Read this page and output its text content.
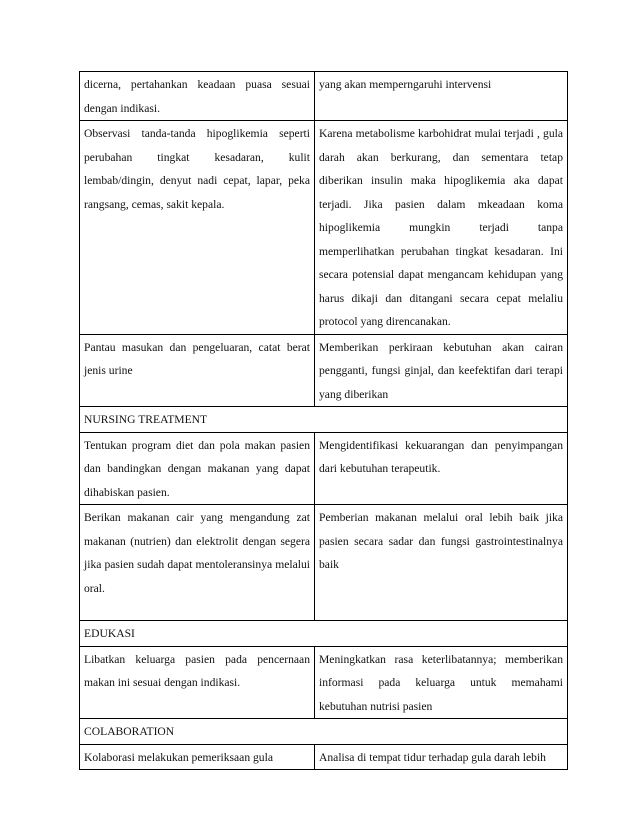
dicerna, pertahankan keadaan puasa sesuai dengan indikasi.	yang akan memperngaruhi intervensi
Observasi tanda-tanda hipoglikemia seperti perubahan tingkat kesadaran, kulit lembab/dingin, denyut nadi cepat, lapar, peka rangsang, cemas, sakit kepala.	Karena metabolisme karbohidrat mulai terjadi , gula darah akan berkurang, dan sementara tetap diberikan insulin maka hipoglikemia aka dapat terjadi. Jika pasien dalam mkeadaan koma hipoglikemia mungkin terjadi tanpa memperlihatkan perubahan tingkat kesadaran. Ini secara potensial dapat mengancam kehidupan yang harus dikaji dan ditangani secara cepat melaliu protocol yang direncanakan.
Pantau masukan dan pengeluaran, catat berat jenis urine	Memberikan perkiraan kebutuhan akan cairan pengganti, fungsi ginjal, dan keefektifan dari terapi yang diberikan
NURSING TREATMENT	
Tentukan program diet dan pola makan pasien dan bandingkan dengan makanan yang dapat dihabiskan pasien.	Mengidentifikasi kekuarangan dan penyimpangan dari kebutuhan terapeutik.
Berikan makanan cair yang mengandung zat makanan (nutrien) dan elektrolit dengan segera jika pasien sudah dapat mentoleransinya melalui oral.	Pemberian makanan melalui oral lebih baik jika pasien secara sadar dan fungsi gastrointestinalnya baik
EDUKASI	
Libatkan keluarga pasien pada pencernaan makan ini sesuai dengan indikasi.	Meningkatkan rasa keterlibatannya; memberikan informasi pada keluarga untuk memahami kebutuhan nutrisi pasien
COLABORATION	
Kolaborasi melakukan pemeriksaan gula	Analisa di tempat tidur terhadap gula darah lebih
